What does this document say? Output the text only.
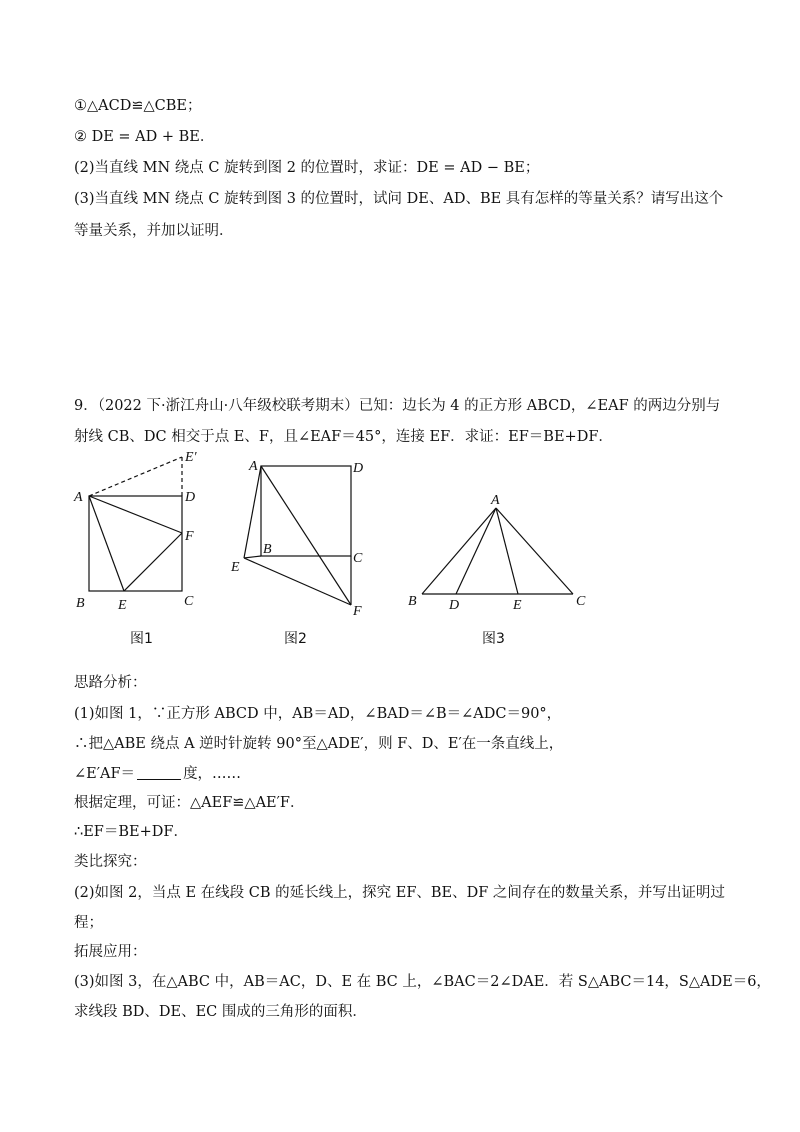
①△ACD≌△CBE；
② DE = AD + BE．
(2)当直线 MN 绕点 C 旋转到图 2 的位置时，求证：DE = AD − BE；
(3)当直线 MN 绕点 C 旋转到图 3 的位置时，试问 DE、AD、BE 具有怎样的等量关系？请写出这个
等量关系，并加以证明．
9．（2022 下·浙江舟山·八年级校联考期末）已知：边长为 4 的正方形 ABCD，∠EAF 的两边分别与
射线 CB、DC 相交于点 E、F，且∠EAF＝45°，连接 EF．求证：EF＝BE+DF．
A	D
E′
F
B E	C
图1
A	D
B
C
E
F
图2
A
B D	E	C
图3
思路分析：
(1)如图 1，∵正方形 ABCD 中，AB＝AD，∠BAD＝∠B＝∠ADC＝90°，
∴把△ABE 绕点 A 逆时针旋转 90°至△ADE′，则 F、D、E′在一条直线上，
∠E′AF＝	度，……
根据定理，可证：△AEF≌△AE′F．
∴EF＝BE+DF．
类比探究：
(2)如图 2，当点 E 在线段 CB 的延长线上，探究 EF、BE、DF 之间存在的数量关系，并写出证明过
程；
拓展应用：
(3)如图 3，在△ABC 中，AB＝AC，D、E 在 BC 上，∠BAC＝2∠DAE．若 S△ABC＝14，S△ADE＝6，
求线段 BD、DE、EC 围成的三角形的面积．
